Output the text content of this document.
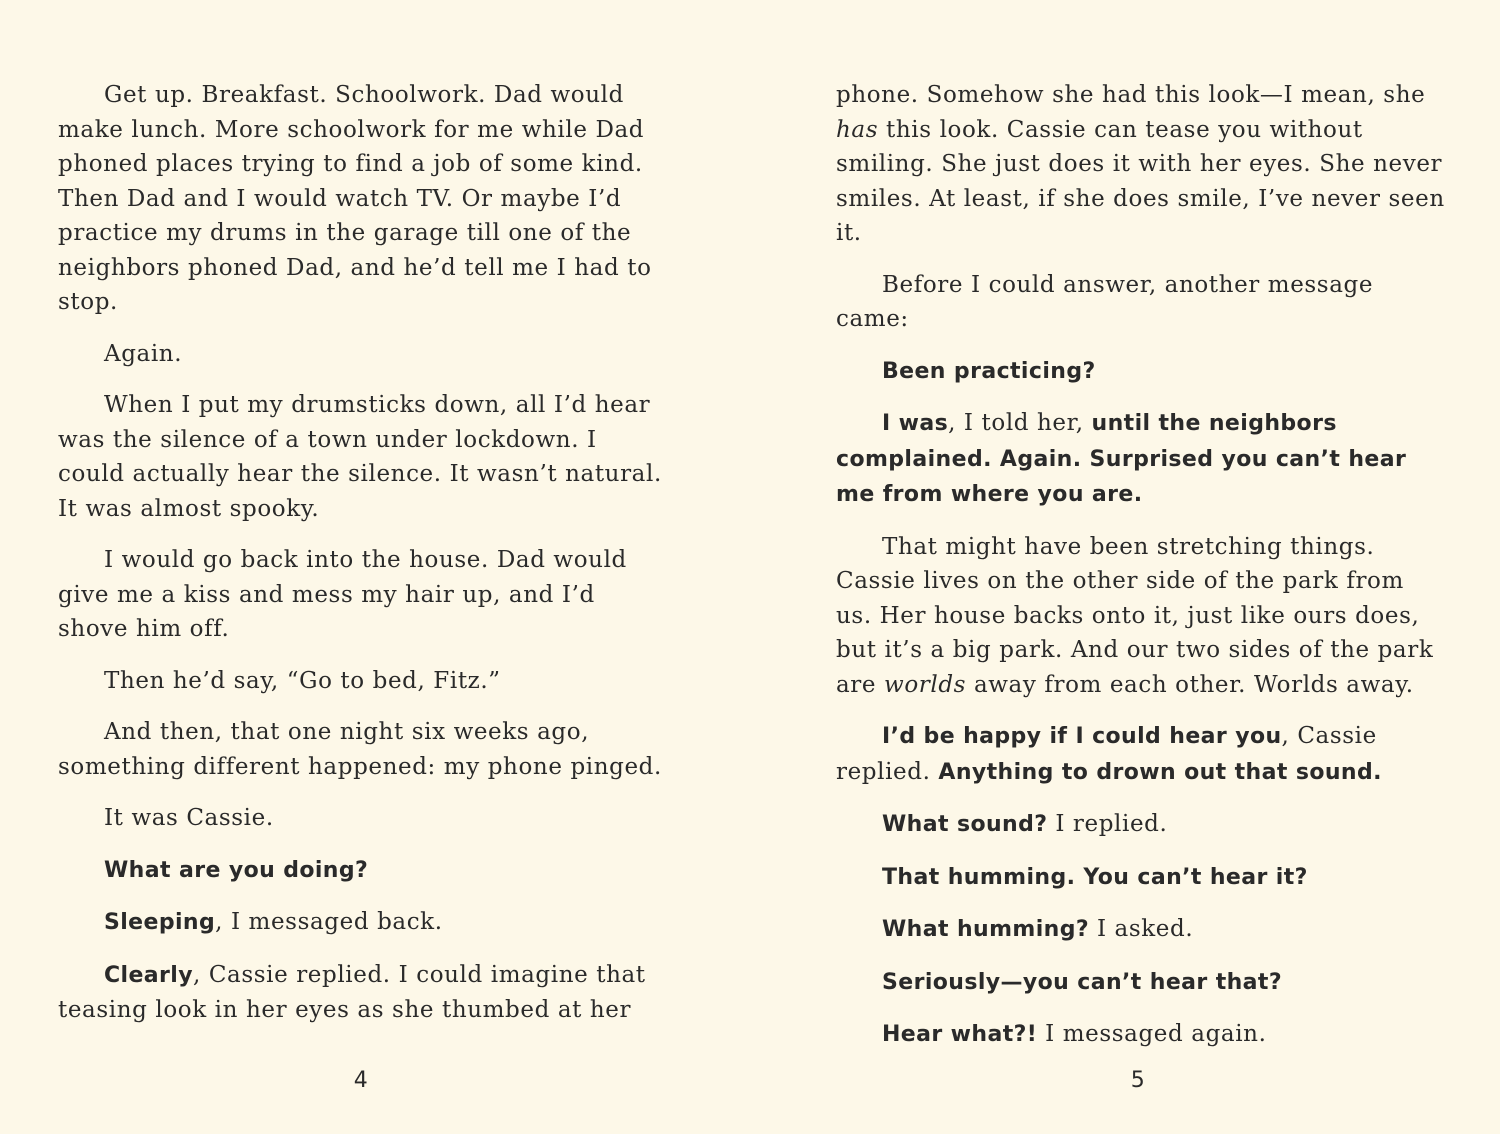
Get up. Breakfast. Schoolwork. Dad would make lunch. More schoolwork for me while Dad phoned places trying to find a job of some kind. Then Dad and I would watch TV. Or maybe I’d practice my drums in the garage till one of the neighbors phoned Dad, and he’d tell me I had to stop.

Again.

When I put my drumsticks down, all I’d hear was the silence of a town under lockdown. I could actually hear the silence. It wasn’t natural. It was almost spooky.

I would go back into the house. Dad would give me a kiss and mess my hair up, and I’d shove him off.

Then he’d say, “Go to bed, Fitz.”

And then, that one night six weeks ago, something different happened: my phone pinged.

It was Cassie.

What are you doing?

Sleeping, I messaged back.

Clearly, Cassie replied. I could imagine that teasing look in her eyes as she thumbed at her

phone. Somehow she had this look—I mean, she has this look. Cassie can tease you without smiling. She just does it with her eyes. She never smiles. At least, if she does smile, I’ve never seen it.

Before I could answer, another message came:

Been practicing?

I was, I told her, until the neighbors complained. Again. Surprised you can’t hear me from where you are.

That might have been stretching things. Cassie lives on the other side of the park from us. Her house backs onto it, just like ours does, but it’s a big park. And our two sides of the park are worlds away from each other. Worlds away.

I’d be happy if I could hear you, Cassie replied. Anything to drown out that sound.

What sound? I replied.

That humming. You can’t hear it?

What humming? I asked.

Seriously—you can’t hear that?

Hear what?! I messaged again.

4	5
